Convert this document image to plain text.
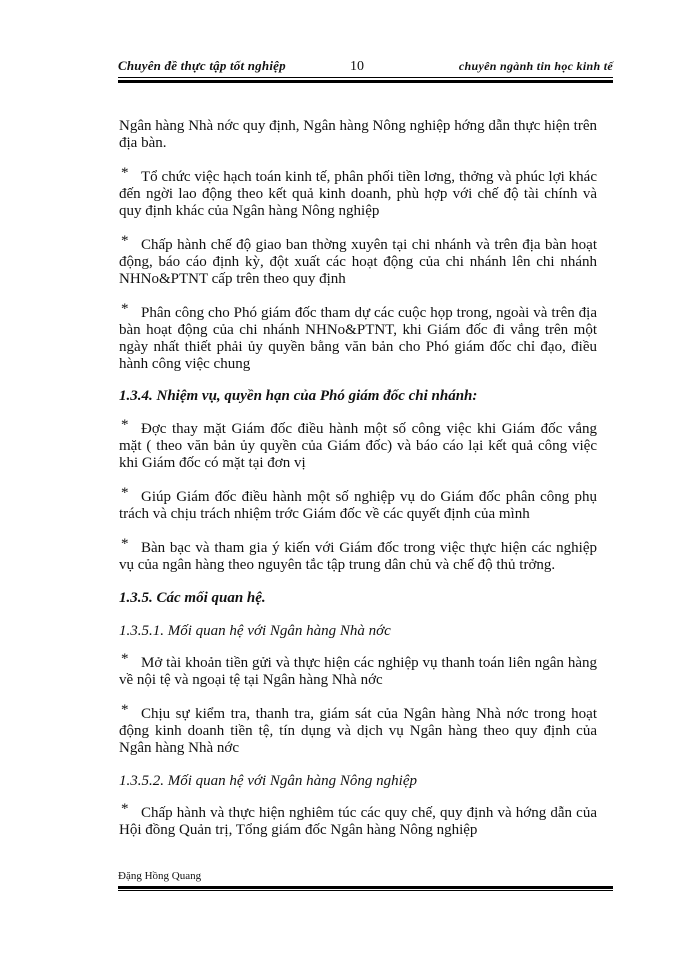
Chuyên đề thực tập tốt nghiệp	10	chuyên ngành tin học kinh tế

Ngân hàng Nhà nớc quy định, Ngân hàng Nông nghiệp hớng dẫn thực hiện trên địa bàn.

* Tổ chức việc hạch toán kinh tế, phân phối tiền lơng, thởng và phúc lợi khác đến ngời lao động theo kết quả kinh doanh, phù hợp với chế độ tài chính và quy định khác của Ngân hàng Nông nghiệp
* Chấp hành chế độ giao ban thờng xuyên tại chi nhánh và trên địa bàn hoạt động, báo cáo định kỳ, đột xuất các hoạt động của chi nhánh lên chi nhánh NHNo&PTNT cấp trên theo quy định
* Phân công cho Phó giám đốc tham dự các cuộc họp trong, ngoài và trên địa bàn hoạt động của chi nhánh NHNo&PTNT, khi Giám đốc đi vắng trên một ngày nhất thiết phải ủy quyền bằng văn bản cho Phó giám đốc chỉ đạo, điều hành công việc chung

1.3.4. Nhiệm vụ, quyền hạn của Phó giám đốc chi nhánh:

* Đợc thay mặt Giám đốc điều hành một số công việc khi Giám đốc vắng mặt ( theo văn bản ủy quyền của Giám đốc) và báo cáo lại kết quả công việc khi Giám đốc có mặt tại đơn vị
* Giúp Giám đốc điều hành một số nghiệp vụ do Giám đốc phân công phụ trách và chịu trách nhiệm trớc Giám đốc về các quyết định của mình
* Bàn bạc và tham gia ý kiến với Giám đốc trong việc thực hiện các nghiệp vụ của ngân hàng theo nguyên tắc tập trung dân chủ và chế độ thủ trởng.

1.3.5. Các mối quan hệ.

1.3.5.1. Mối quan hệ với Ngân hàng Nhà nớc

* Mở tài khoản tiền gửi và thực hiện các nghiệp vụ thanh toán liên ngân hàng về nội tệ và ngoại tệ tại Ngân hàng Nhà nớc
* Chịu sự kiểm tra, thanh tra, giám sát của Ngân hàng Nhà nớc trong hoạt động kinh doanh tiền tệ, tín dụng và dịch vụ Ngân hàng theo quy định của Ngân hàng Nhà nớc

1.3.5.2. Mối quan hệ với Ngân hàng Nông nghiệp

* Chấp hành và thực hiện nghiêm túc các quy chế, quy định và hớng dẫn của Hội đồng Quản trị, Tổng giám đốc Ngân hàng Nông nghiệp
Đặng Hồng Quang
